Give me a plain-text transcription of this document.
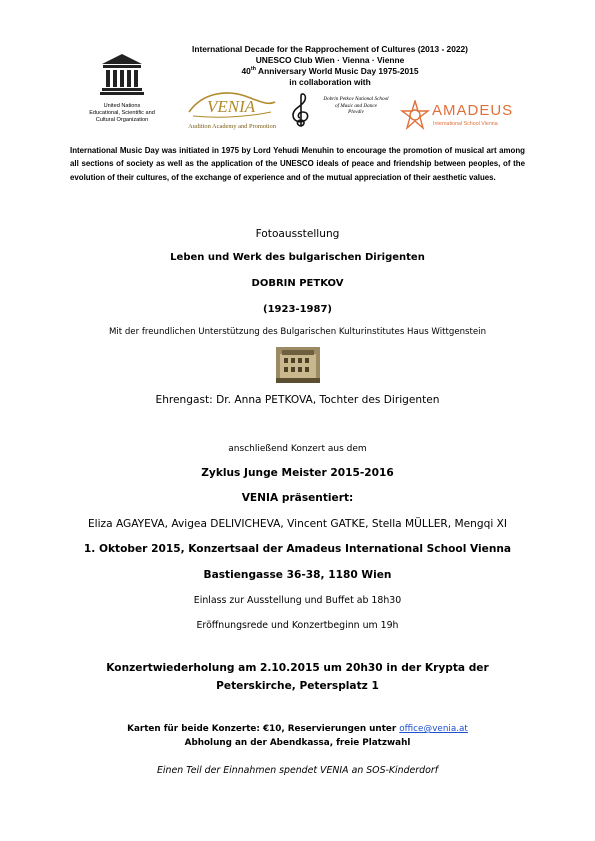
United Nations
Educational, Scientific and
Cultural Organization
International Decade for the Rapprochement of Cultures (2013 - 2022)
UNESCO Club Wien · Vienna · Vienne
40th Anniversary World Music Day 1975-2015
in collaboration with
VENIA
Audition Academy and Promotion
Dobrin Petkov National School
of Music and Dance
Plovdiv	AMADEUS
International School Vienna
International Music Day was initiated in 1975 by Lord Yehudi Menuhin to encourage the promotion of musical art among all sections of society as well as the application of the UNESCO ideals of peace and friendship between peoples, of the evolution of their cultures, of the exchange of experience and of the mutual appreciation of their aesthetic values.
Fotoausstellung
Leben und Werk des bulgarischen Dirigenten
DOBRIN PETKOV
(1923-1987)
Mit der freundlichen Unterstützung des Bulgarischen Kulturinstitutes Haus Wittgenstein
Ehrengast: Dr. Anna PETKOVA, Tochter des Dirigenten
anschließend Konzert aus dem
Zyklus Junge Meister 2015-2016
VENIA präsentiert:
Eliza AGAYEVA, Avigea DELIVICHEVA, Vincent GATKE, Stella MÜLLER, Mengqi XI
1. Oktober 2015, Konzertsaal der Amadeus International School Vienna
Bastiengasse 36-38, 1180 Wien
Einlass zur Ausstellung und Buffet ab 18h30
Eröffnungsrede und Konzertbeginn um 19h
Konzertwiederholung am 2.10.2015 um 20h30 in der Krypta der
Peterskirche, Petersplatz 1
Karten für beide Konzerte: €10, Reservierungen unter office@venia.at
Abholung an der Abendkassa, freie Platzwahl
Einen Teil der Einnahmen spendet VENIA an SOS-Kinderdorf
